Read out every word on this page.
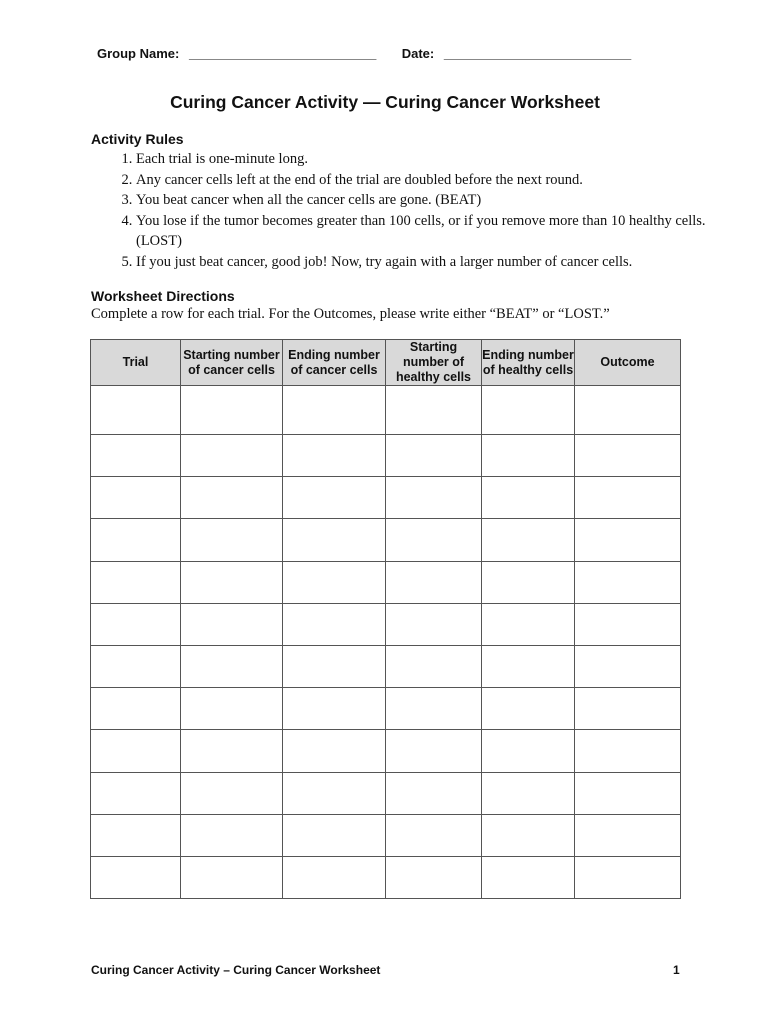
Group Name: ___________________________ Date: ___________________________
Curing Cancer Activity — Curing Cancer Worksheet
Activity Rules
1. Each trial is one-minute long.
2. Any cancer cells left at the end of the trial are doubled before the next round.
3. You beat cancer when all the cancer cells are gone. (BEAT)
4. You lose if the tumor becomes greater than 100 cells, or if you remove more than 10 healthy cells. (LOST)
5. If you just beat cancer, good job! Now, try again with a larger number of cancer cells.
Worksheet Directions
Complete a row for each trial. For the Outcomes, please write either “BEAT” or “LOST.”
Trial	Starting number of cancer cells	Ending number of cancer cells	Starting number of healthy cells	Ending number of healthy cells	Outcome

Curing Cancer Activity – Curing Cancer Worksheet	1
